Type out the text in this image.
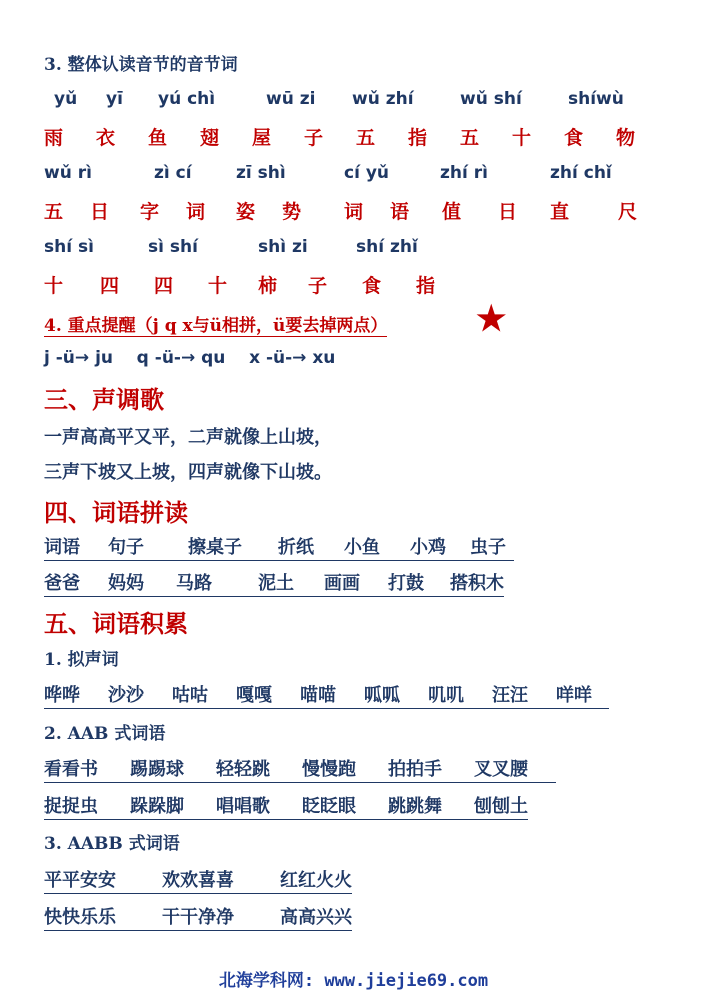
3. 整体认读音节的音节词
yǔ yī yú chì	wū zi wǔ zhí	wǔ shí	shíwù
雨 衣 鱼 翅 屋 子 五 指 五 十 食 物
wǔ rì	zì cí	zī shì	cí yǔ	zhí rì	zhí chǐ
五 日 字 词 姿 势 词 语 值 日 直	尺
shí sì	sì shí	shì zi	shí zhǐ
十 四 四 十 柿 子 食 指
4. 重点提醒（j q x与ü相拼，ü要去掉两点）	★
j -ü→ ju    q -ü-→ qu    x -ü-→ xu
三、声调歌
一声高高平又平，二声就像上山坡，
三声下坡又上坡，四声就像下山坡。
四、词语拼读
词语 句子 擦桌子 折纸 小鱼 小鸡 虫子
爸爸 妈妈 马路	泥土 画画 打鼓 搭积木
五、词语积累
1. 拟声词
哗哗 沙沙 咕咕 嘎嘎 喵喵 呱呱 叽叽 汪汪 咩咩
2. AAB 式词语
看看书 踢踢球 轻轻跳 慢慢跑 拍拍手 叉叉腰
捉捉虫 跺跺脚 唱唱歌 眨眨眼 跳跳舞 刨刨土
3. AABB 式词语
平平安安	欢欢喜喜	红红火火
快快乐乐	干干净净	高高兴兴
北海学科网: www.jiejie69.com
